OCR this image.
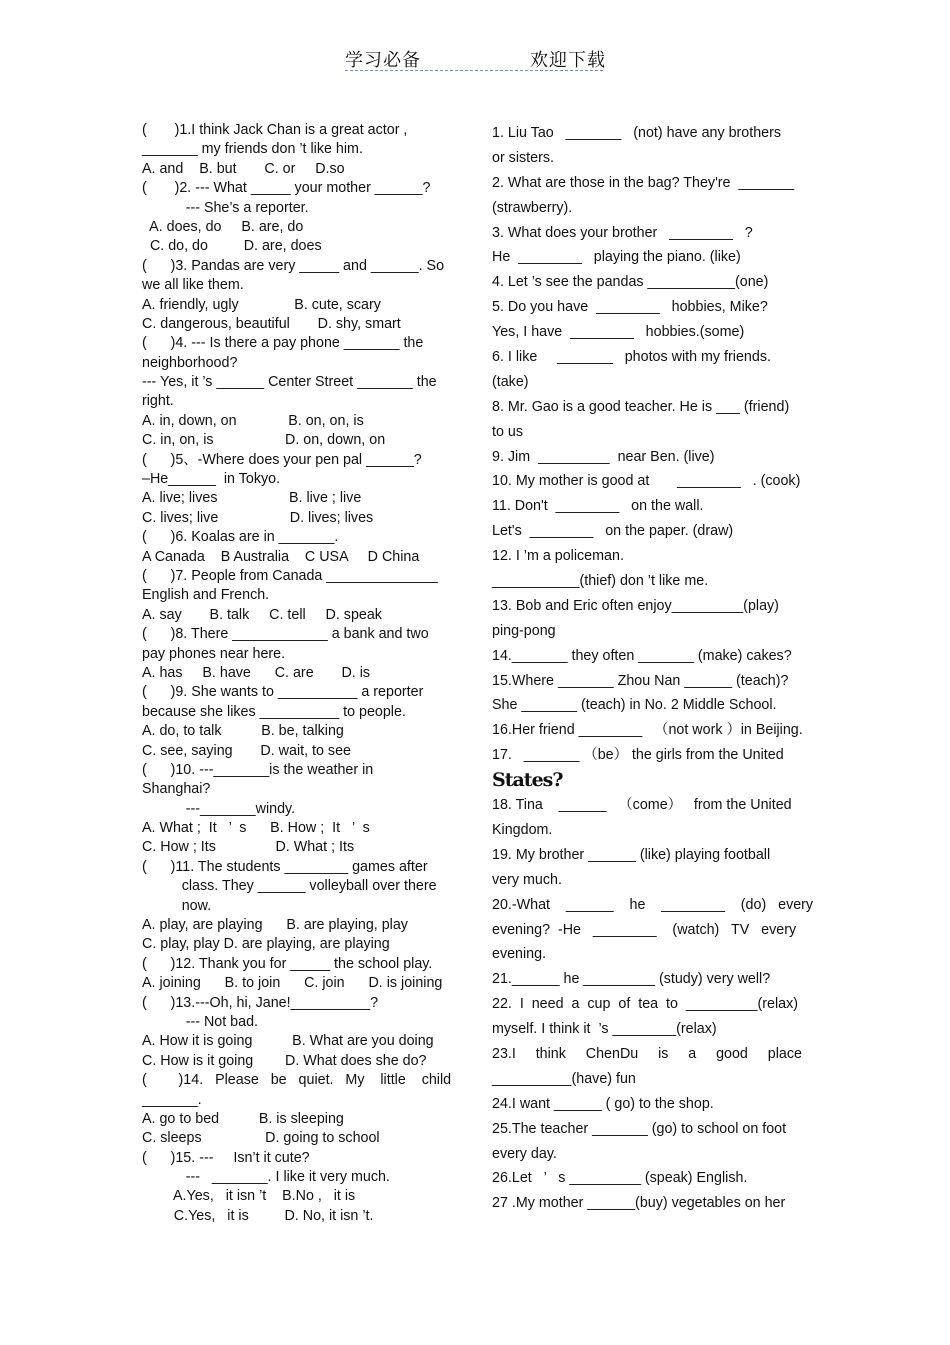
学习必备	欢迎下载
(       )1.I think Jack Chan is a great actor ,
_______ my friends don ’t like him.
A. and    B. but       C. or     D.so
(       )2. --- What _____ your mother ______?
--- She’s a reporter.
A. does, do     B. are, do
C. do, do         D. are, does
(      )3. Pandas are very _____ and ______. So
we all like them.
A. friendly, ugly              B. cute, scary
C. dangerous, beautiful       D. shy, smart
(      )4. --- Is there a pay phone _______ the
neighborhood?
--- Yes, it ’s ______ Center Street _______ the
right.
A. in, down, on             B. on, on, is
C. in, on, is                  D. on, down, on
(      )5、-Where does your pen pal ______?
–He______  in Tokyo.
A. live; lives                  B. live ; live
C. lives; live                  D. lives; lives
(      )6. Koalas are in _______.
A Canada    B Australia    C USA     D China
(      )7. People from Canada ______________
English and French.
A. say       B. talk     C. tell     D. speak
(      )8. There ____________ a bank and two
pay phones near here.
A. has     B. have      C. are       D. is
(      )9. She wants to __________ a reporter
because she likes __________ to people.
A. do, to talk          B. be, talking
C. see, saying       D. wait, to see
(      )10. ---_______is the weather in
Shanghai?
---_______windy.
A. What ;  It   ’  s      B. How ;  It   ’  s
C. How ; Its               D. What ; Its
(      )11. The students ________ games after
class. They ______ volleyball over there
now.
A. play, are playing      B. are playing, play
C. play, play D. are playing, are playing
(      )12. Thank you for _____ the school play.
A. joining      B. to join      C. join      D. is joining
(      )13.---Oh, hi, Jane!__________?
--- Not bad.
A. How it is going          B. What are you doing
C. How is it going        D. What does she do?
(        )14.   Please   be   quiet.   My    little    child
_______.
A. go to bed          B. is sleeping
C. sleeps                D. going to school
(      )15. ---     Isn’t it cute?
---   _______. I like it very much.
A.Yes,   it isn ’t    B.No ,   it is
C.Yes,   it is         D. No, it isn ’t.
1. Liu Tao   _______   (not) have any brothers
or sisters.
2. What are those in the bag? They're  _______
(strawberry).
3. What does your brother   ________   ?
He  ________   playing the piano. (like)
4. Let ’s see the pandas ___________(one)
5. Do you have  ________   hobbies, Mike?
Yes, I have  ________   hobbies.(some)
6. I like     _______   photos with my friends.
(take)
8. Mr. Gao is a good teacher. He is ___ (friend)
to us
9. Jim  _________  near Ben. (live)
10. My mother is good at       ________   . (cook)
11. Don't  ________   on the wall.
Let's  ________   on the paper. (draw)
12. I ’m a policeman.
___________(thief) don ’t like me.
13. Bob and Eric often enjoy_________(play)
ping-pong
14._______ they often _______ (make) cakes?
15.Where _______ Zhou Nan ______ (teach)?
She _______ (teach) in No. 2 Middle School.
16.Her friend ________   （not work ）in Beijing.
17.   _______ （be） the girls from the United
States?
18. Tina    ______   （come）   from the United
Kingdom.
19. My brother ______ (like) playing football
very much.
20.-What    ______    he    ________    (do)   every
evening?  -He   ________    (watch)   TV   every
evening.
21.______ he _________ (study) very well?
22.  I  need  a  cup  of  tea  to  _________(relax)
myself. I think it  ’s ________(relax)
23.I     think     ChenDu     is     a     good     place
__________(have) fun
24.I want ______ ( go) to the shop.
25.The teacher _______ (go) to school on foot
every day.
26.Let   ’   s _________ (speak) English.
27 .My mother ______(buy) vegetables on her
